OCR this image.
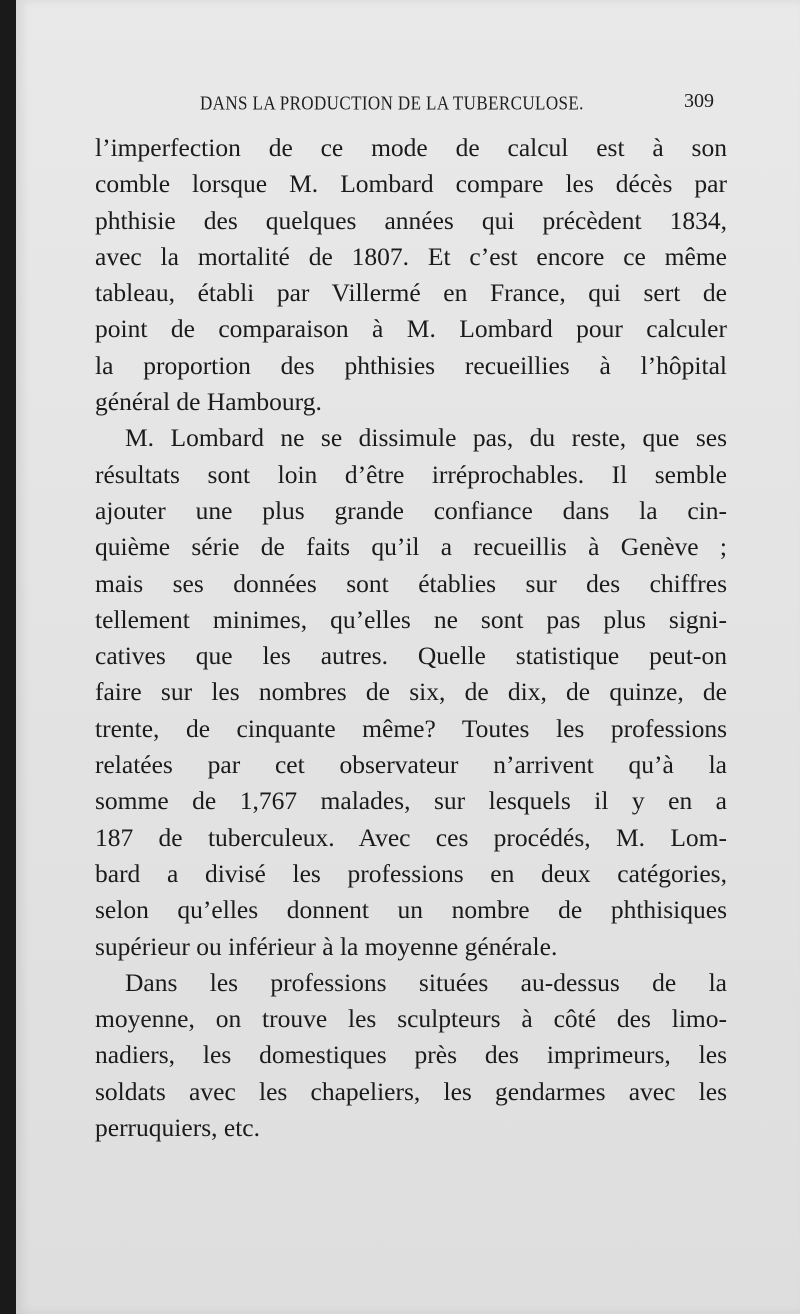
DANS LA PRODUCTION DE LA TUBERCULOSE.	309
l’imperfection de ce mode de calcul est à son
comble lorsque M. Lombard compare les décès par
phthisie des quelques années qui précèdent 1834,
avec la mortalité de 1807. Et c’est encore ce même
tableau, établi par Villermé en France, qui sert de
point de comparaison à M. Lombard pour calculer
la proportion des phthisies recueillies à l’hôpital
général de Hambourg.
M. Lombard ne se dissimule pas, du reste, que ses
résultats sont loin d’être irréprochables. Il semble
ajouter une plus grande confiance dans la cin-
quième série de faits qu’il a recueillis à Genève ;
mais ses données sont établies sur des chiffres
tellement minimes, qu’elles ne sont pas plus signi-
catives que les autres. Quelle statistique peut-on
faire sur les nombres de six, de dix, de quinze, de
trente, de cinquante même? Toutes les professions
relatées par cet observateur n’arrivent qu’à la
somme de 1,767 malades, sur lesquels il y en a
187 de tuberculeux. Avec ces procédés, M. Lom-
bard a divisé les professions en deux catégories,
selon qu’elles donnent un nombre de phthisiques
supérieur ou inférieur à la moyenne générale.
Dans les professions situées au-dessus de la
moyenne, on trouve les sculpteurs à côté des limo-
nadiers, les domestiques près des imprimeurs, les
soldats avec les chapeliers, les gendarmes avec les
perruquiers, etc.
